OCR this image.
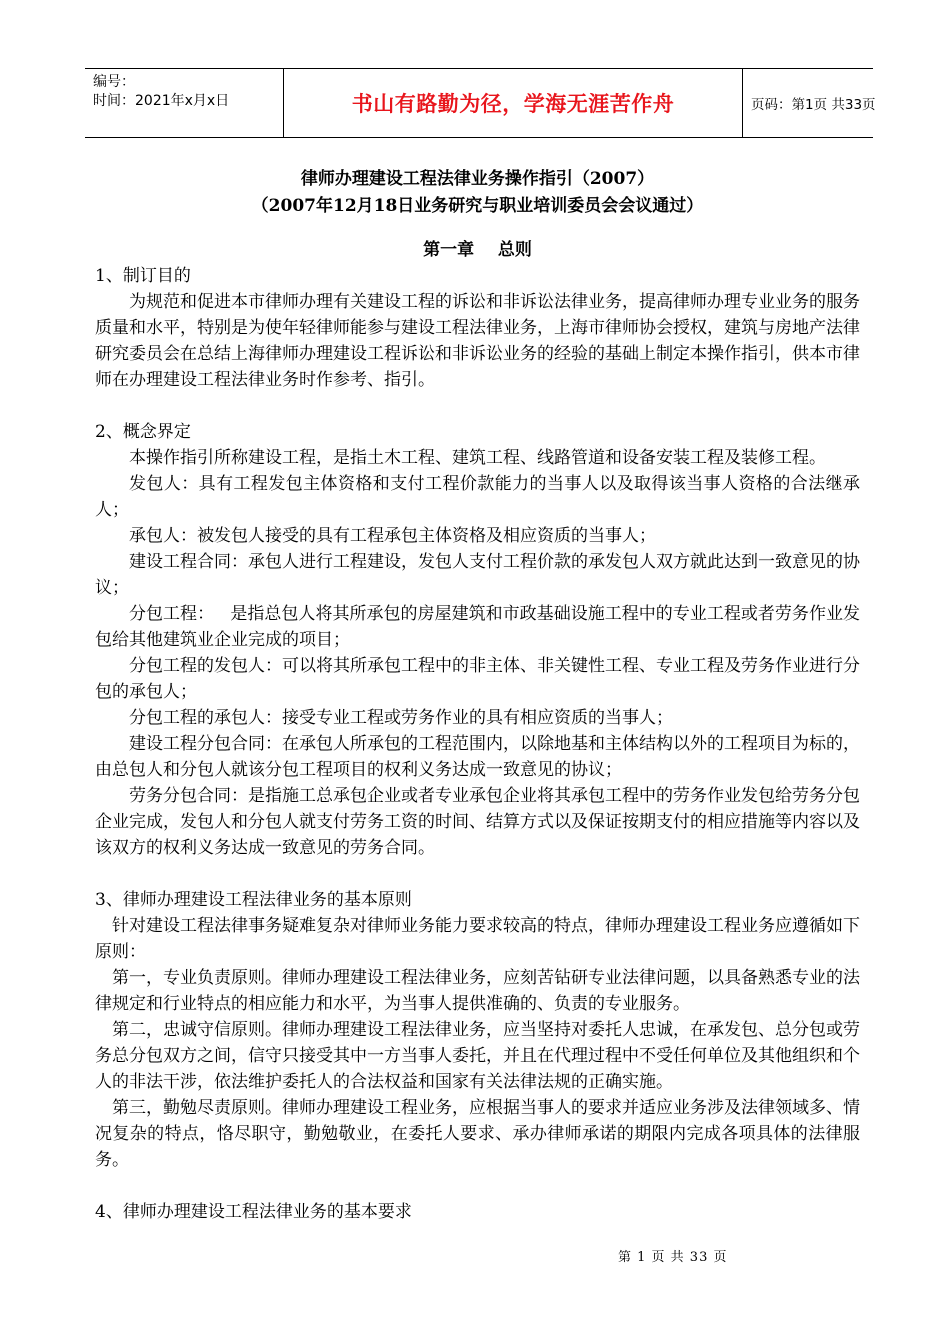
编号：
时间：2021年x月x日	书山有路勤为径，学海无涯苦作舟	页码：第1页 共33页
律师办理建设工程法律业务操作指引（2007）
（2007年12月18日业务研究与职业培训委员会会议通过）
第一章    总则

1、制订目的

为规范和促进本市律师办理有关建设工程的诉讼和非诉讼法律业务，提高律师办理专业业务的服务质量和水平，特别是为使年轻律师能参与建设工程法律业务，上海市律师协会授权，建筑与房地产法律研究委员会在总结上海律师办理建设工程诉讼和非诉讼业务的经验的基础上制定本操作指引，供本市律师在办理建设工程法律业务时作参考、指引。

2、概念界定

本操作指引所称建设工程，是指土木工程、建筑工程、线路管道和设备安装工程及装修工程。

发包人：具有工程发包主体资格和支付工程价款能力的当事人以及取得该当事人资格的合法继承人；

承包人：被发包人接受的具有工程承包主体资格及相应资质的当事人；

建设工程合同：承包人进行工程建设，发包人支付工程价款的承发包人双方就此达到一致意见的协议；

分包工程：   是指总包人将其所承包的房屋建筑和市政基础设施工程中的专业工程或者劳务作业发包给其他建筑业企业完成的项目；

分包工程的发包人：可以将其所承包工程中的非主体、非关键性工程、专业工程及劳务作业进行分包的承包人；

分包工程的承包人：接受专业工程或劳务作业的具有相应资质的当事人；

建设工程分包合同：在承包人所承包的工程范围内，以除地基和主体结构以外的工程项目为标的，由总包人和分包人就该分包工程项目的权利义务达成一致意见的协议；

劳务分包合同：是指施工总承包企业或者专业承包企业将其承包工程中的劳务作业发包给劳务分包企业完成，发包人和分包人就支付劳务工资的时间、结算方式以及保证按期支付的相应措施等内容以及该双方的权利义务达成一致意见的劳务合同。

3、律师办理建设工程法律业务的基本原则

针对建设工程法律事务疑难复杂对律师业务能力要求较高的特点，律师办理建设工程业务应遵循如下原则：

第一，专业负责原则。律师办理建设工程法律业务，应刻苦钻研专业法律问题，以具备熟悉专业的法律规定和行业特点的相应能力和水平，为当事人提供准确的、负责的专业服务。

第二，忠诚守信原则。律师办理建设工程法律业务，应当坚持对委托人忠诚，在承发包、总分包或劳务总分包双方之间，信守只接受其中一方当事人委托，并且在代理过程中不受任何单位及其他组织和个人的非法干涉，依法维护委托人的合法权益和国家有关法律法规的正确实施。

第三，勤勉尽责原则。律师办理建设工程业务，应根据当事人的要求并适应业务涉及法律领域多、情况复杂的特点，恪尽职守，勤勉敬业，在委托人要求、承办律师承诺的期限内完成各项具体的法律服务。

4、律师办理建设工程法律业务的基本要求

第 1 页 共 33 页
